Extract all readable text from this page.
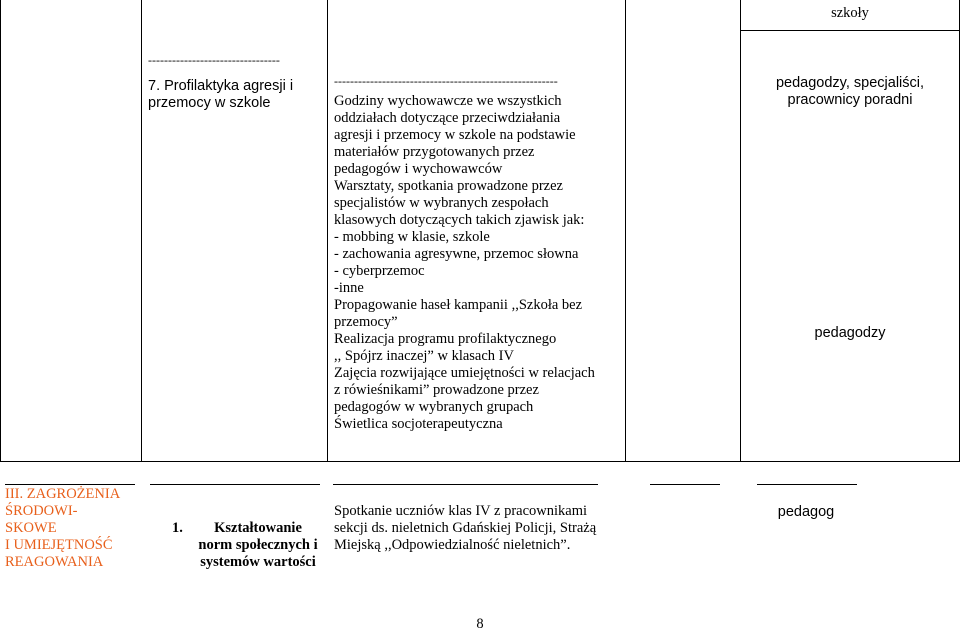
szkoły
---------------------------------
7. Profilaktyka agresji i przemocy w szkole
--------------------------------------------------------
Godziny wychowawcze we wszystkich
oddziałach dotyczące przeciwdziałania
agresji i przemocy w szkole na podstawie
materiałów przygotowanych przez
pedagogów i wychowawców
Warsztaty, spotkania prowadzone przez
specjalistów w wybranych zespołach
klasowych dotyczących takich zjawisk jak:
- mobbing w klasie, szkole
- zachowania agresywne, przemoc słowna
- cyberprzemoc
-inne
Propagowanie haseł kampanii ,,Szkoła bez
przemocy”
Realizacja programu profilaktycznego
,, Spójrz inaczej” w klasach IV
Zajęcia rozwijające umiejętności w relacjach
z rówieśnikami” prowadzone przez
pedagogów w wybranych grupach
Świetlica socjoterapeutyczna
pedagodzy, specjaliści, pracownicy poradni
pedagodzy
III. ZAGROŻENIA
ŚRODOWI-
SKOWE
I UMIEJĘTNOŚĆ
REAGOWANIA
1.	Kształtowanie
norm społecznych i
systemów wartości
Spotkanie uczniów klas IV z pracownikami
sekcji ds. nieletnich Gdańskiej Policji, Strażą
Miejską ,,Odpowiedzialność nieletnich”.
pedagog
8
